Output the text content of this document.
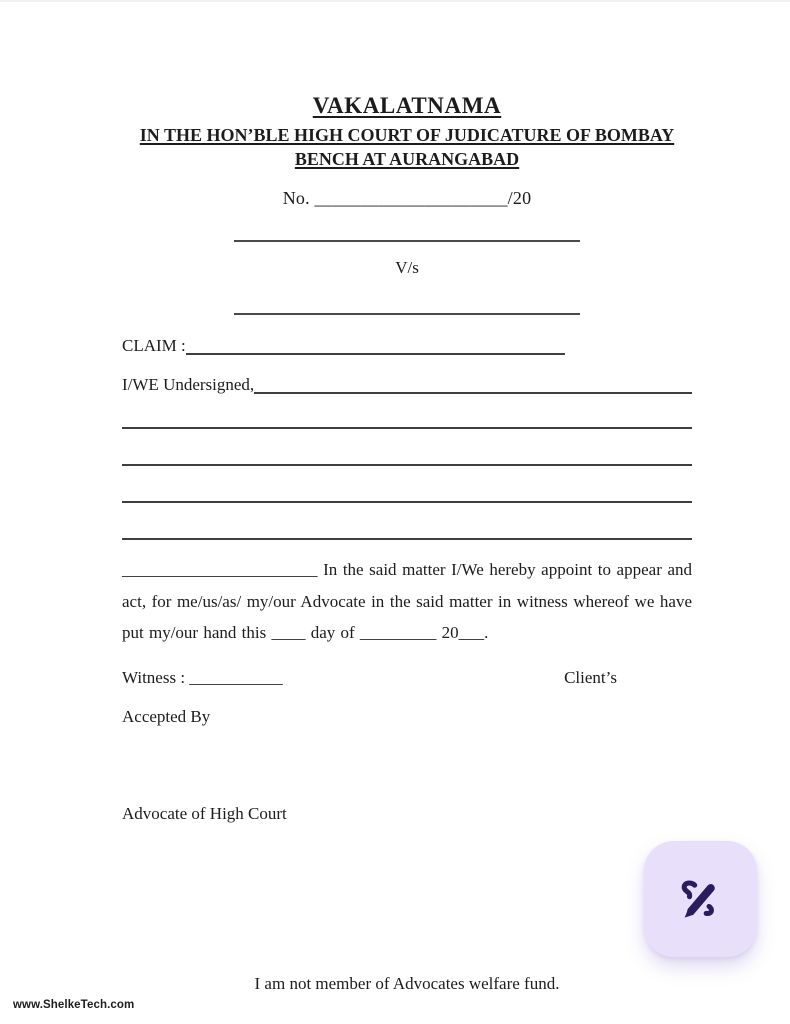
VAKALATNAMA
IN THE HON’BLE HIGH COURT OF JUDICATURE OF BOMBAY
BENCH AT AURANGABAD
No. _____________________/20
V/s
CLAIM :
I/WE Undersigned,

_______________________ In the said matter I/We hereby appoint to appear and act, for me/us/as/ my/our Advocate in the said matter in witness whereof we have put my/our hand this ____ day of _________ 20___.

Witness : ___________	Client’s
Accepted By
Advocate of High Court
I am not member of Advocates welfare fund.
www.ShelkeTech.com
